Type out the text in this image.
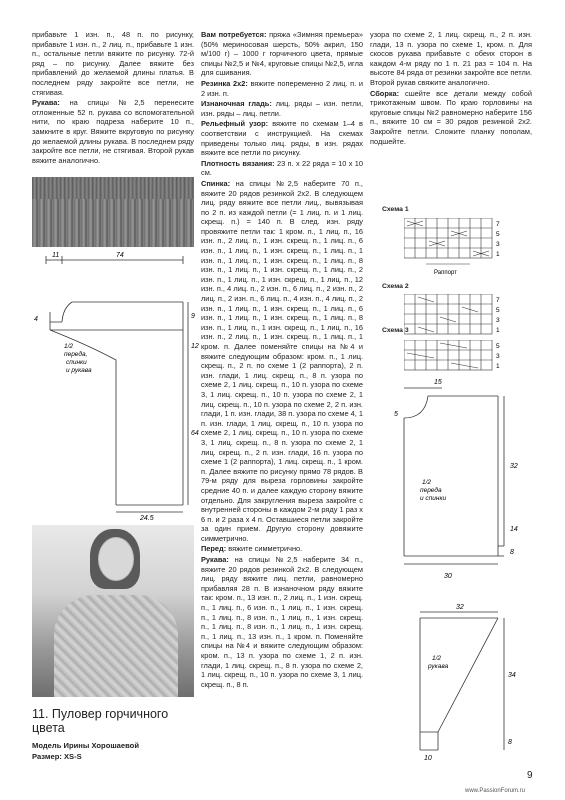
прибавьте 1 изн. п., 48 п. по рисунку, прибавьте 1 изн. п., 2 лиц. п., прибавьте 1 изн. п., остальные петли вяжите по рисунку. 72-й ряд – по рисунку. Далее вяжите без прибавлений до желаемой длины платья. В последнем ряду закройте все петли, не стягивая.

Рукава: на спицы №2,5 перенесите отложенные 52 п. рукава со вспомогательной нити, по краю подреза наберите 10 п., замкните в круг. Вяжите вкруговую по рисунку до желаемой длины рукава. В последнем ряду закройте все петли, не стягивая. Второй рукав вяжите аналогично.

11	74
4	9
12
64
24,5
1/2
переда,
спинки
и рукава
11. Пуловер горчичного цвета
Модель Ирины Хорошаевой
Размер: XS-S

Вам потребуется: пряжа «Зимняя премьера» (50% мериносовая шерсть, 50% акрил, 150 м/100 г) – 1000 г горчичного цвета, прямые спицы №2,5 и №4, круговые спицы №2,5, игла для сшивания.

Резинка 2х2: вяжите попеременно 2 лиц. п. и 2 изн. п.

Изнаночная гладь: лиц. ряды – изн. петли, изн. ряды – лиц. петли.

Рельефный узор: вяжите по схемам 1–4 в соответствии с инструкцией. На схемах приведены только лиц. ряды, в изн. рядах вяжите все петли по рисунку.

Плотность вязания: 23 п. х 22 ряда = 10 х 10 см.

Спинка: на спицы №2,5 наберите 70 п., вяжите 20 рядов резинкой 2х2. В следующем лиц. ряду вяжите все петли лиц., вывязывая по 2 п. из каждой петли (= 1 лиц. п. и 1 лиц. скрещ. п.) = 140 п. В след. изн. ряду провяжите петли так: 1 кром. п., 1 лиц. п., 16 изн. п., 2 лиц. п., 1 изн. скрещ. п., 1 лиц. п., 6 изн. п., 1 лиц. п., 1 изн. скрещ. п., 1 лиц. п., 1 изн. п., 1 лиц. п., 1 изн. скрещ. п., 1 лиц. п., 8 изн. п., 1 лиц. п., 1 изн. скрещ. п., 1 лиц. п., 2 изн. п., 1 лиц. п., 1 изн. скрещ. п., 1 лиц. п., 12 изн. п., 4 лиц. п., 2 изн. п., 6 лиц. п., 2 изн. п., 2 лиц. п., 2 изн. п., 6 лиц. п., 4 изн. п., 4 лиц. п., 2 изн. п., 1 лиц. п., 1 изн. скрещ. п., 1 лиц. п., 6 изн. п., 1 лиц. п., 1 изн. скрещ. п., 1 лиц. п., 8 изн. п., 1 лиц. п., 1 изн. скрещ. п., 1 лиц. п., 16 изн. п., 2 лиц. п., 1 изн. скрещ. п., 1 лиц. п., 1 кром. п. Далее поменяйте спицы на №4 и вяжите следующим образом: кром. п., 1 лиц. скрещ. п., 2 п. по схеме 1 (2 раппорта), 2 п. изн. глади, 1 лиц. скрещ. п., 8 п. узора по схеме 2, 1 лиц. скрещ. п., 10 п. узора по схеме 3, 1 лиц. скрещ. п., 10 п. узора по схеме 2, 1 лиц. скрещ. п., 10 п. узора по схеме 2, 2 п. изн. глади, 1 п. изн. глади, 38 п. узора по схеме 4, 1 п. изн. глади, 1 лиц. скрещ. п., 10 п. узора по схеме 2, 1 лиц. скрещ. п., 10 п. узора по схеме 3, 1 лиц. скрещ. п., 8 п. узора по схеме 2, 1 лиц. скрещ. п., 2 п. изн. глади, 16 п. узора по схеме 1 (2 раппорта), 1 лиц. скрещ. п., 1 кром. п. Далее вяжите по рисунку прямо 78 рядов. В 79-м ряду для выреза горловины закройте средние 40 п. и далее каждую сторону вяжите отдельно. Для закругления выреза закройте с внутренней стороны в каждом 2-м ряду 1 раз х 6 п. и 2 раза х 4 п. Оставшиеся петли закройте за один прием. Другую сторону довяжите симметрично.

Перед: вяжите симметрично.

Рукава: на спицы №2,5 наберите 34 п., вяжите 20 рядов резинкой 2х2. В следующем лиц. ряду вяжите лиц. петли, равномерно прибавляя 28 п. В изнаночном ряду вяжите так: кром. п., 13 изн. п., 2 лиц. п., 1 изн. скрещ. п., 1 лиц. п., 6 изн. п., 1 лиц. п., 1 изн. скрещ. п., 1 лиц. п., 8 изн. п., 1 лиц. п., 1 изн. скрещ. п., 1 лиц. п., 8 изн. п., 1 лиц. п., 1 изн. скрещ. п., 1 лиц. п., 13 изн. п., 1 кром. п. Поменяйте спицы на №4 и вяжите следующим образом: кром. п., 13 п. узора по схеме 1, 2 п. изн. глади, 1 лиц. скрещ. п., 8 п. узора по схеме 2, 1 лиц. скрещ. п., 10 п. узора по схеме 3, 1 лиц. скрещ. п., 8 п.

узора по схеме 2, 1 лиц. скрещ. п., 2 п. изн. глади, 13 п. узора по схеме 1, кром. п. Для скосов рукава прибавьте с обеих сторон в каждом 4-м ряду по 1 п. 21 раз = 104 п. На высоте 84 ряда от резинки закройте все петли. Второй рукав свяжите аналогично.

Сборка: сшейте все детали между собой трикотажным швом. По краю горловины на круговые спицы №2 равномерно наберите 156 п., вяжите 10 см = 30 рядов резинкой 2х2. Закройте петли. Сложите планку пополам, подшейте.

Схема 1
7
5
3
1
Раппорт
Схема 2
7
5
3
1
Схема 3
5
3
1
15
5
32
14
8
30
1/2
переда
и спинки
32
34
8
10
1/2
рукава
9
www.PassionForum.ru
